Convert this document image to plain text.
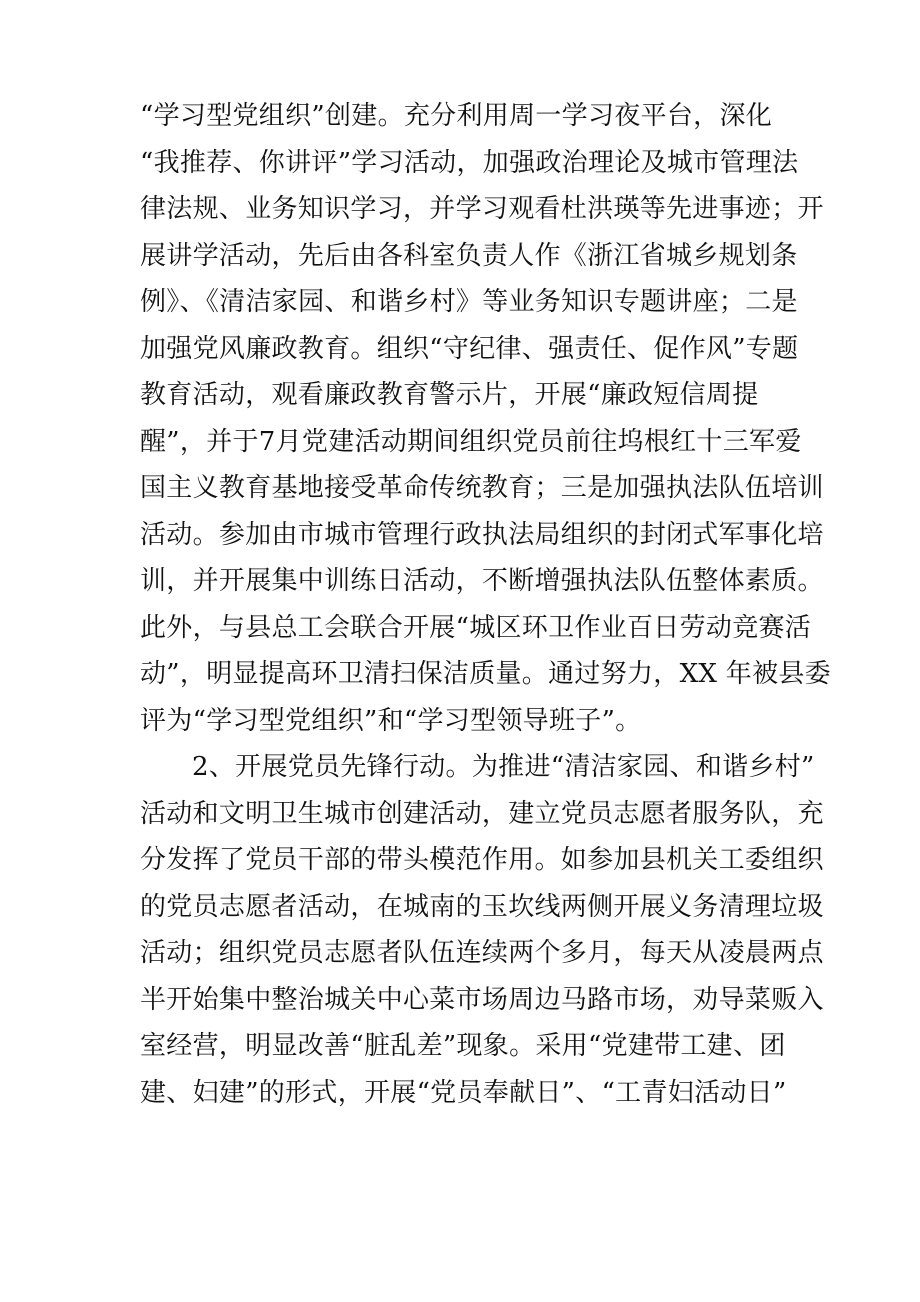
“学习型党组织”创建。充分利用周一学习夜平台，深化
“我推荐、你讲评”学习活动，加强政治理论及城市管理法
律法规、业务知识学习，并学习观看杜洪瑛等先进事迹；开
展讲学活动，先后由各科室负责人作《浙江省城乡规划条
例》、《清洁家园、和谐乡村》等业务知识专题讲座；二是
加强党风廉政教育。组织“守纪律、强责任、促作风”专题
教育活动，观看廉政教育警示片，开展“廉政短信周提
醒”，并于7月党建活动期间组织党员前往坞根红十三军爱
国主义教育基地接受革命传统教育；三是加强执法队伍培训
活动。参加由市城市管理行政执法局组织的封闭式军事化培
训，并开展集中训练日活动，不断增强执法队伍整体素质。
此外，与县总工会联合开展“城区环卫作业百日劳动竞赛活
动”，明显提高环卫清扫保洁质量。通过努力，XX 年被县委
评为“学习型党组织”和“学习型领导班子”。
2、开展党员先锋行动。为推进“清洁家园、和谐乡村”
活动和文明卫生城市创建活动，建立党员志愿者服务队，充
分发挥了党员干部的带头模范作用。如参加县机关工委组织
的党员志愿者活动，在城南的玉坎线两侧开展义务清理垃圾
活动；组织党员志愿者队伍连续两个多月，每天从凌晨两点
半开始集中整治城关中心菜市场周边马路市场，劝导菜贩入
室经营，明显改善“脏乱差”现象。采用“党建带工建、团
建、妇建”的形式，开展“党员奉献日”、“工青妇活动日”
